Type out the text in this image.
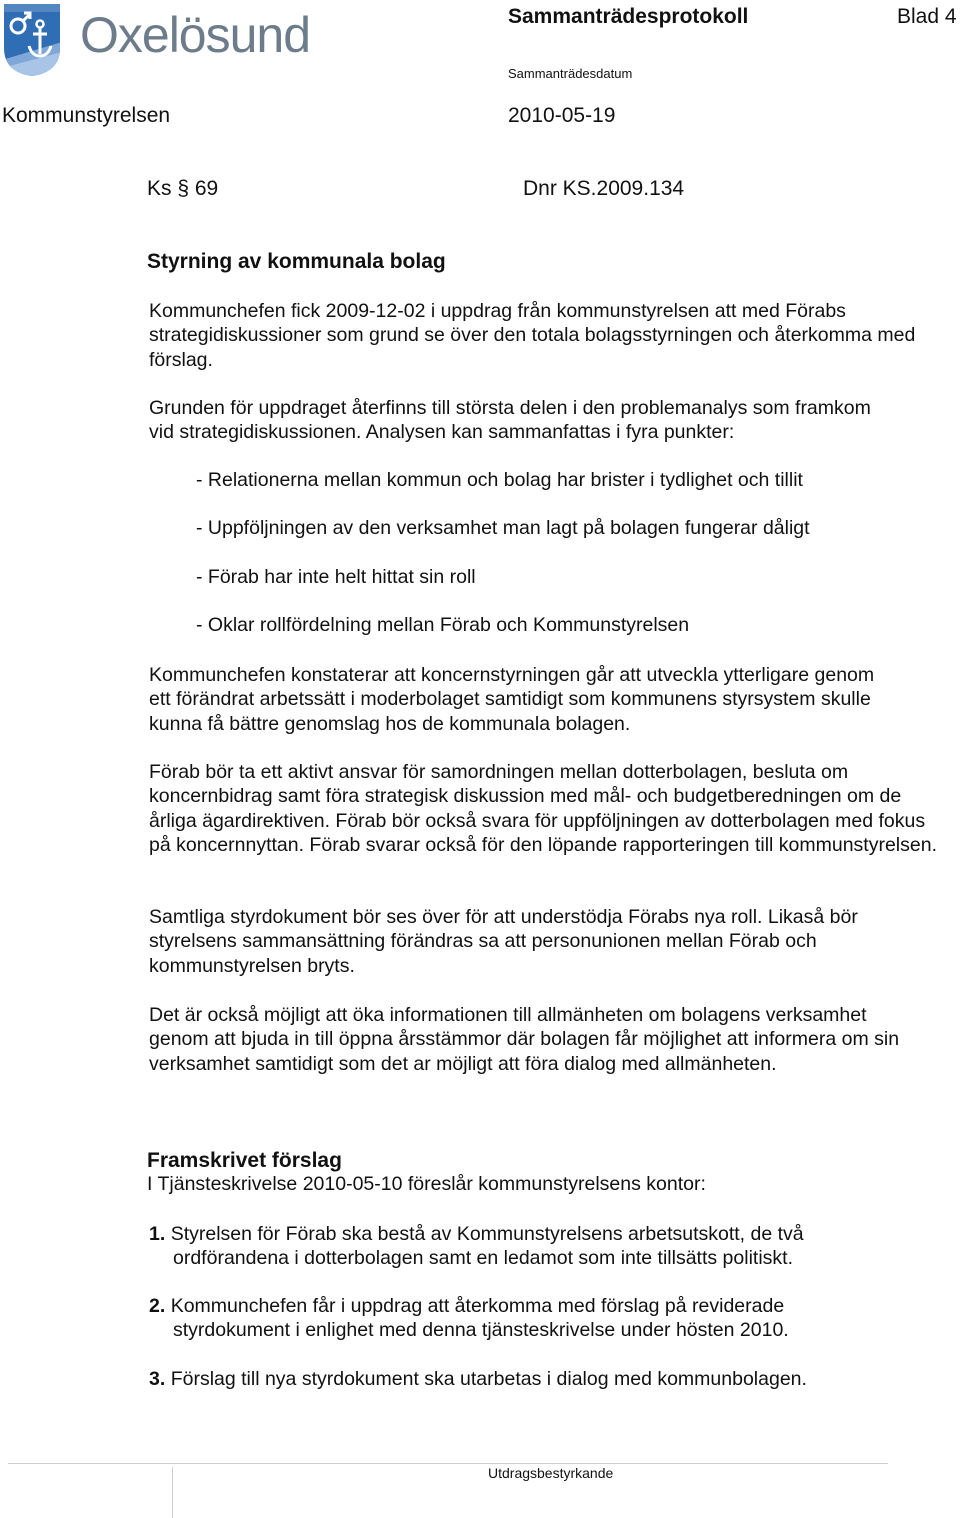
Oxelösund	Sammanträdesprotokoll	Blad 4
Sammanträdesdatum
Kommunstyrelsen	2010-05-19
Ks § 69	Dnr KS.2009.134
Styrning av kommunala bolag

Kommunchefen fick 2009-12-02 i uppdrag från kommunstyrelsen att med Förabs strategidiskussioner som grund se över den totala bolagsstyrningen och återkomma med förslag.

Grunden för uppdraget återfinns till största delen i den problemanalys som framkom

vid strategidiskussionen. Analysen kan sammanfattas i fyra punkter:

- Relationerna mellan kommun och bolag har brister i tydlighet och tillit
- Uppföljningen av den verksamhet man lagt på bolagen fungerar dåligt
- Förab har inte helt hittat sin roll
- Oklar rollfördelning mellan Förab och Kommunstyrelsen

Kommunchefen konstaterar att koncernstyrningen går att utveckla ytterligare genom ett förändrat arbetssätt i moderbolaget samtidigt som kommunens styrsystem skulle kunna få bättre genomslag hos de kommunala bolagen.

Förab bör ta ett aktivt ansvar för samordningen mellan dotterbolagen, besluta om koncernbidrag samt föra strategisk diskussion med mål- och budgetberedningen om de årliga ägardirektiven. Förab bör också svara för uppföljningen av dotterbolagen med fokus på koncernnyttan. Förab svarar också för den löpande rapporteringen till kommunstyrelsen.

Samtliga styrdokument bör ses över för att understödja Förabs nya roll. Likaså bör styrelsens sammansättning förändras sa att personunionen mellan Förab och kommunstyrelsen bryts.

Det är också möjligt att öka informationen till allmänheten om bolagens verksamhet genom att bjuda in till öppna årsstämmor där bolagen får möjlighet att informera om sin verksamhet samtidigt som det ar möjligt att föra dialog med allmänheten.

Framskrivet förslag
I Tjänsteskrivelse 2010-05-10 föreslår kommunstyrelsens kontor:
1. Styrelsen för Förab ska bestå av Kommunstyrelsens arbetsutskott, de två
ordförandena i dotterbolagen samt en ledamot som inte tillsätts politiskt.
2. Kommunchefen får i uppdrag att återkomma med förslag på reviderade
styrdokument i enlighet med denna tjänsteskrivelse under hösten 2010.
3. Förslag till nya styrdokument ska utarbetas i dialog med kommunbolagen.
Utdragsbestyrkande
